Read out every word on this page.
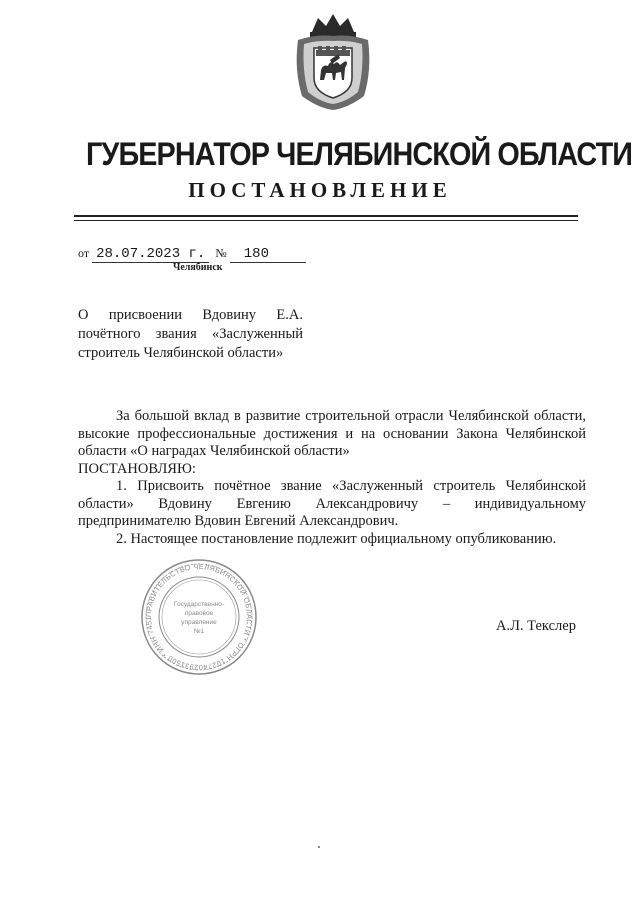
ГУБЕРНАТОР ЧЕЛЯБИНСКОЙ ОБЛАСТИ
ПОСТАНОВЛЕНИЕ
от 28.07.2023 г. № 180
Челябинск
О присвоении Вдовину Е.А.
почётного звания «Заслуженный
строитель Челябинской области»
За большой вклад в развитие строительной отрасли Челябинской области, высокие профессиональные достижения и на основании Закона Челябинской области «О наградах Челябинской области»
ПОСТАНОВЛЯЮ:
1. Присвоить почётное звание «Заслуженный строитель Челябинской области» Вдовину Евгению Александровичу – индивидуальному предпринимателю Вдовин Евгений Александрович.
2. Настоящее постановление подлежит официальному опубликованию.
ПРАВИТЕЛЬСТВО ЧЕЛЯБИНСКОЙ ОБЛАСТИ * ОГРН 1027402931500 * ИНН 7451
Государственно-
правовое
управление
№1	А.Л. Текслер
